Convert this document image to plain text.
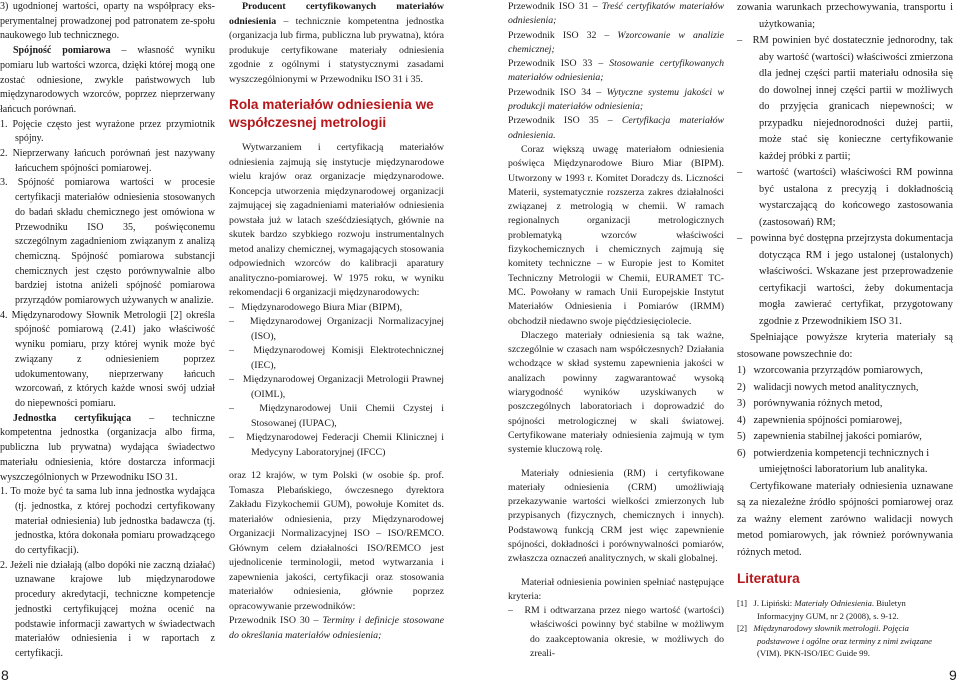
3) ugodnionej wartości, oparty na współpracy eks-perymentalnej prowadzonej pod patronatem ze-społu naukowego lub technicznego.

Spójność pomiarowa – własność wyniku pomiaru lub wartości wzorca, dzięki której mogą one zostać odniesione, zwykle państwowych lub międzynarodowych wzorców, poprzez nieprzerwany łańcuch porównań.

1. Pojęcie często jest wyrażone przez przymiotnik spójny.
2. Nieprzerwany łańcuch porównań jest nazywany łańcuchem spójności pomiarowej.
3. Spójność pomiarowa wartości w procesie certyfikacji materiałów odniesienia stosowanych do badań składu chemicznego jest omówiona w Przewodniku ISO 35, poświęconemu szczególnym zagadnieniom związanym z analizą chemiczną. Spójność pomiarowa substancji chemicznych jest często porównywalnie albo bardziej istotna aniżeli spójność pomiarowa przyrządów pomiarowych używanych w analizie.
4. Międzynarodowy Słownik Metrologii [2] określa spójność pomiarową (2.41) jako właściwość wyniku pomiaru, przy której wynik może być związany z odniesieniem poprzez udokumentowany, nieprzerwany łańcuch wzorcowań, z których każde wnosi swój udział do niepewności pomiaru.

Jednostka certyfikująca – techniczne kompetentna jednostka (organizacja albo firma, publiczna lub prywatna) wydająca świadectwo materiału odniesienia, które dostarcza informacji wyszczególnionych w Przewodniku ISO 31.

1. To może być ta sama lub inna jednostka wydająca (tj. jednostka, z której pochodzi certyfikowany materiał odniesienia) lub jednostka badawcza (tj. jednostka, która dokonała pomiaru prowadzącego do certyfikacji).
2. Jeżeli nie działają (albo dopóki nie zaczną działać) uznawane krajowe lub międzynarodowe procedury akredytacji, techniczne kompetencje jednostki certyfikującej można ocenić na podstawie informacji zawartych w świadectwach materiałów odniesienia i w raportach z certyfikacji.

Producent certyfikowanych materiałów odniesienia – technicznie kompetentna jednostka (organizacja lub firma, publiczna lub prywatna), która produkuje certyfikowane materiały odniesienia zgodnie z ogólnymi i statystycznymi zasadami wyszczególnionymi w Przewodniku ISO 31 i 35.

Rola materiałów odniesienia we współczesnej metrologii

Wytwarzaniem i certyfikacją materiałów odniesienia zajmują się instytucje międzynarodowe wielu krajów oraz organizacje międzynarodowe. Koncepcja utworzenia międzynarodowej organizacji zajmującej się zagadnieniami materiałów odniesienia powstała już w latach sześćdziesiątych, głównie na skutek bardzo szybkiego rozwoju instrumentalnych metod analizy chemicznej, wymagających stosowania odpowiednich wzorców do kalibracji aparatury analityczno-pomiarowej. W 1975 roku, w wyniku rekomendacji 6 organizacji międzynarodowych:

–   Międzynarodowego Biura Miar (BIPM),
–   Międzynarodowej Organizacji Normalizacyjnej (ISO),
–   Międzynarodowej Komisji Elektrotechnicznej (IEC),
–   Międzynarodowej Organizacji Metrologii Prawnej (OIML),
–   Międzynarodowej Unii Chemii Czystej i Stosowanej (IUPAC),
–   Międzynarodowej Federacji Chemii Klinicznej i Medycyny Laboratoryjnej (IFCC)

oraz 12 krajów, w tym Polski (w osobie śp. prof. Tomasza Plebańskiego, ówczesnego dyrektora Zakładu Fizykochemii GUM), powołuje Komitet ds. materiałów odniesienia, przy Międzynarodowej Organizacji Normalizacyjnej ISO – ISO/REMCO. Głównym celem działalności ISO/REMCO jest ujednolicenie terminologii, metod wytwarzania i zapewnienia jakości, certyfikacji oraz stosowania materiałów odniesienia, głównie poprzez opracowywanie przewodników:

Przewodnik ISO 30 – Terminy i definicje stosowane do określania materiałów odniesienia;

Przewodnik ISO 31 – Treść certyfikatów materiałów odniesienia;

Przewodnik ISO 32 – Wzorcowanie w analizie chemicznej;

Przewodnik ISO 33 – Stosowanie certyfikowanych materiałów odniesienia;

Przewodnik ISO 34 – Wytyczne systemu jakości w produkcji materiałów odniesienia;

Przewodnik ISO 35 – Certyfikacja materiałów odniesienia.

Coraz większą uwagę materiałom odniesienia poświęca Międzynarodowe Biuro Miar (BIPM). Utworzony w 1993 r. Komitet Doradczy ds. Liczności Materii, systematycznie rozszerza zakres działalności związanej z metrologią w chemii. W ramach regionalnych organizacji metrologicznych problematyką wzorców właściwości fizykochemicznych i chemicznych zajmują się komitety techniczne – w Europie jest to Komitet Techniczny Metrologii w Chemii, EURAMET TC-MC. Powołany w ramach Unii Europejskie Instytut Materiałów Odniesienia i Pomiarów (IRMM) obchodził niedawno swoje pięćdziesięciolecie.

Dlaczego materiały odniesienia są tak ważne, szczególnie w czasach nam współczesnych? Działania wchodzące w skład systemu zapewnienia jakości w analizach powinny zagwarantować wysoką wiarygodność wyników uzyskiwanych w poszczególnych laboratoriach i doprowadzić do spójności metrologicznej w skali światowej. Certyfikowane materiały odniesienia zajmują w tym systemie kluczową rolę.

Materiały odniesienia (RM) i certyfikowane materiały odniesienia (CRM) umożliwiają przekazywanie wartości wielkości zmierzonych lub przypisanych (fizycznych, chemicznych i innych). Podstawową funkcją CRM jest więc zapewnienie spójności, dokładności i porównywalności pomiarów, zwłaszcza oznaczeń analitycznych, w skali globalnej.

Materiał odniesienia powinien spełniać następujące kryteria:

–   RM i odtwarzana przez niego wartość (wartości) właściwości powinny być stabilne w możliwym do zaakceptowania okresie, w możliwych do zreali-
zowania warunkach przechowywania, transportu i użytkowania;
–   RM powinien być dostatecznie jednorodny, tak aby wartość (wartości) właściwości zmierzona dla jednej części partii materiału odnosiła się do dowolnej innej części partii w możliwych do przyjęcia granicach niepewności; w przypadku niejednorodności dużej partii, może stać się konieczne certyfikowanie każdej próbki z partii;
–   wartość (wartości) właściwości RM powinna być ustalona z precyzją i dokładnością wystarczającą do końcowego zastosowania (zastosowań) RM;
–   powinna być dostępna przejrzysta dokumentacja dotycząca RM i jego ustalonej (ustalonych) właściwości. Wskazane jest przeprowadzenie certyfikacji wartości, żeby dokumentacja mogła zawierać certyfikat, przygotowany zgodnie z Przewodnikiem ISO 31.

Spełniające powyższe kryteria materiały są stosowane powszechnie do:

1) wzorcowania przyrządów pomiarowych,
2) walidacji nowych metod analitycznych,
3) porównywania różnych metod,
4) zapewnienia spójności pomiarowej,
5) zapewnienia stabilnej jakości pomiarów,
6) potwierdzenia kompetencji technicznych i umiejętności laboratorium lub analityka.

Certyfikowane materiały odniesienia uznawane są za niezależne źródło spójności pomiarowej oraz za ważny element zarówno walidacji nowych metod pomiarowych, jak również porównywania różnych metod.

Literatura

[1] J. Lipiński: Materiały Odniesienia. Biuletyn Informacyjny GUM, nr 2 (2008), s. 9-12.
[2] Międzynarodowy słownik metrologii. Pojęcia podstawowe i ogólne oraz terminy z nimi związane (VIM). PKN-ISO/IEC Guide 99.
8	9
